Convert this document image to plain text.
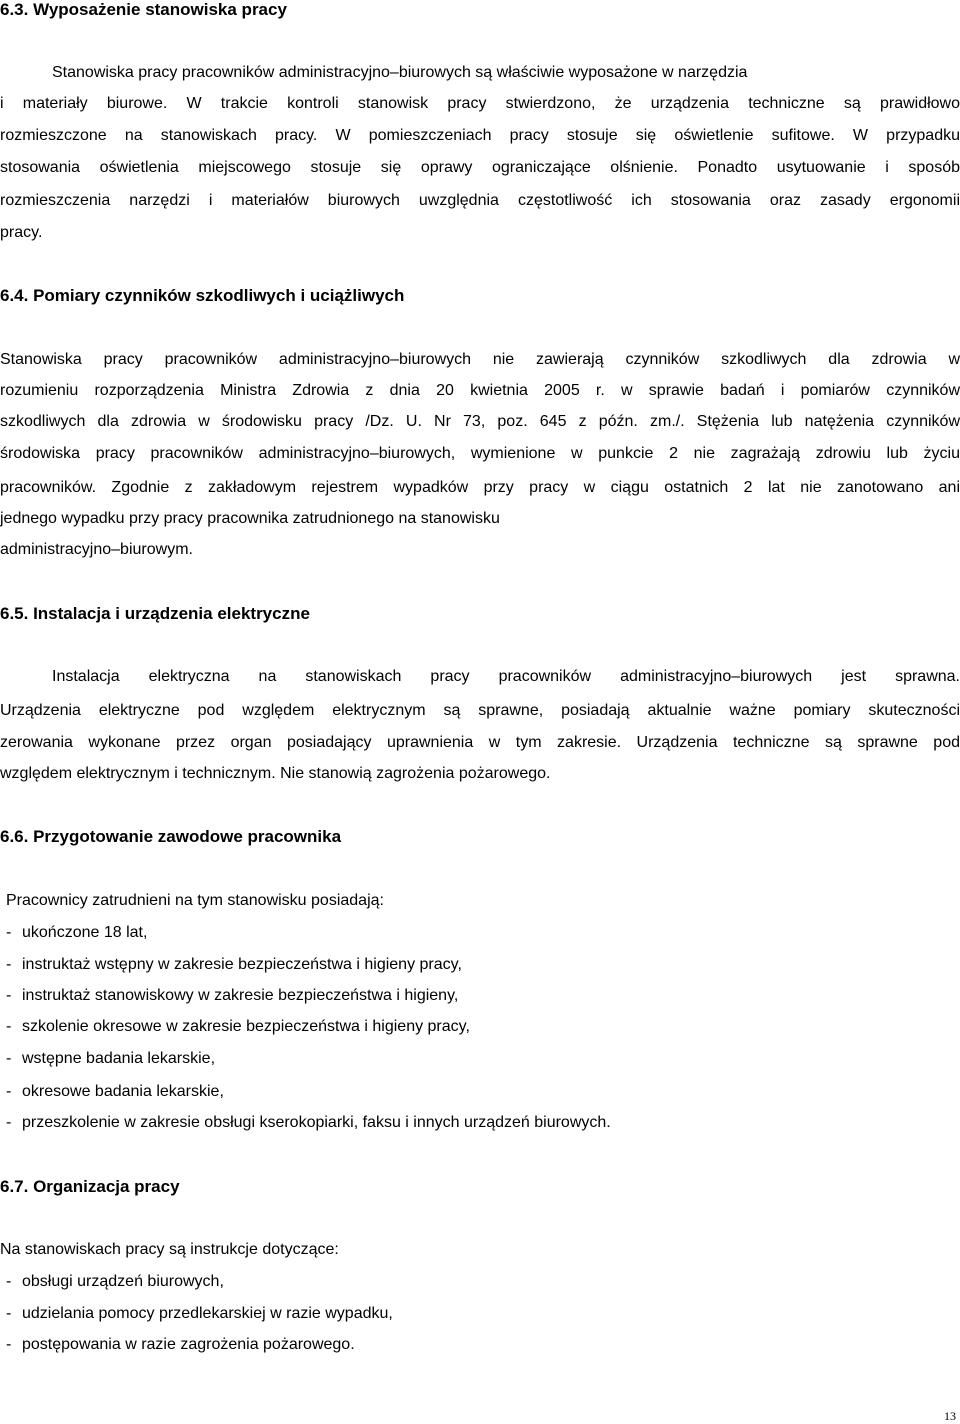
6.3. Wyposażenie stanowiska pracy
Stanowiska pracy pracowników administracyjno–biurowych są właściwie wyposażone w narzędzia
i materiały biurowe. W trakcie kontroli stanowisk pracy stwierdzono, że urządzenia techniczne są prawidłowo
rozmieszczone na stanowiskach pracy. W pomieszczeniach pracy stosuje się oświetlenie sufitowe. W przypadku
stosowania oświetlenia miejscowego stosuje się oprawy ograniczające olśnienie. Ponadto usytuowanie i sposób
rozmieszczenia narzędzi i materiałów biurowych uwzględnia częstotliwość ich stosowania oraz zasady ergonomii
pracy.
6.4. Pomiary czynników szkodliwych i uciążliwych
Stanowiska pracy pracowników administracyjno–biurowych nie zawierają czynników szkodliwych dla zdrowia w
rozumieniu rozporządzenia Ministra Zdrowia z dnia 20 kwietnia 2005 r. w sprawie badań i pomiarów czynników
szkodliwych dla zdrowia w środowisku pracy /Dz. U. Nr 73, poz. 645 z późn. zm./. Stężenia lub natężenia czynników
środowiska pracy pracowników administracyjno–biurowych, wymienione w punkcie 2 nie zagrażają zdrowiu lub życiu
pracowników. Zgodnie z zakładowym rejestrem wypadków przy pracy w ciągu ostatnich 2 lat nie zanotowano ani
jednego wypadku przy pracy pracownika zatrudnionego na stanowisku
administracyjno–biurowym.
6.5. Instalacja i urządzenia elektryczne
Instalacja elektryczna na stanowiskach pracy pracowników administracyjno–biurowych jest sprawna.
Urządzenia elektryczne pod względem elektrycznym są sprawne, posiadają aktualnie ważne pomiary skuteczności
zerowania wykonane przez organ posiadający uprawnienia w tym zakresie. Urządzenia techniczne są sprawne pod
względem elektrycznym i technicznym. Nie stanowią zagrożenia pożarowego.
6.6. Przygotowanie zawodowe pracownika
Pracownicy zatrudnieni na tym stanowisku posiadają:
- ukończone 18 lat,
- instruktaż wstępny w zakresie bezpieczeństwa i higieny pracy,
- instruktaż stanowiskowy w zakresie bezpieczeństwa i higieny,
- szkolenie okresowe w zakresie bezpieczeństwa i higieny pracy,
- wstępne badania lekarskie,
- okresowe badania lekarskie,
- przeszkolenie w zakresie obsługi kserokopiarki, faksu i innych urządzeń biurowych.
6.7. Organizacja pracy
Na stanowiskach pracy są instrukcje dotyczące:
- obsługi urządzeń biurowych,
- udzielania pomocy przedlekarskiej w razie wypadku,
- postępowania w razie zagrożenia pożarowego.
13
